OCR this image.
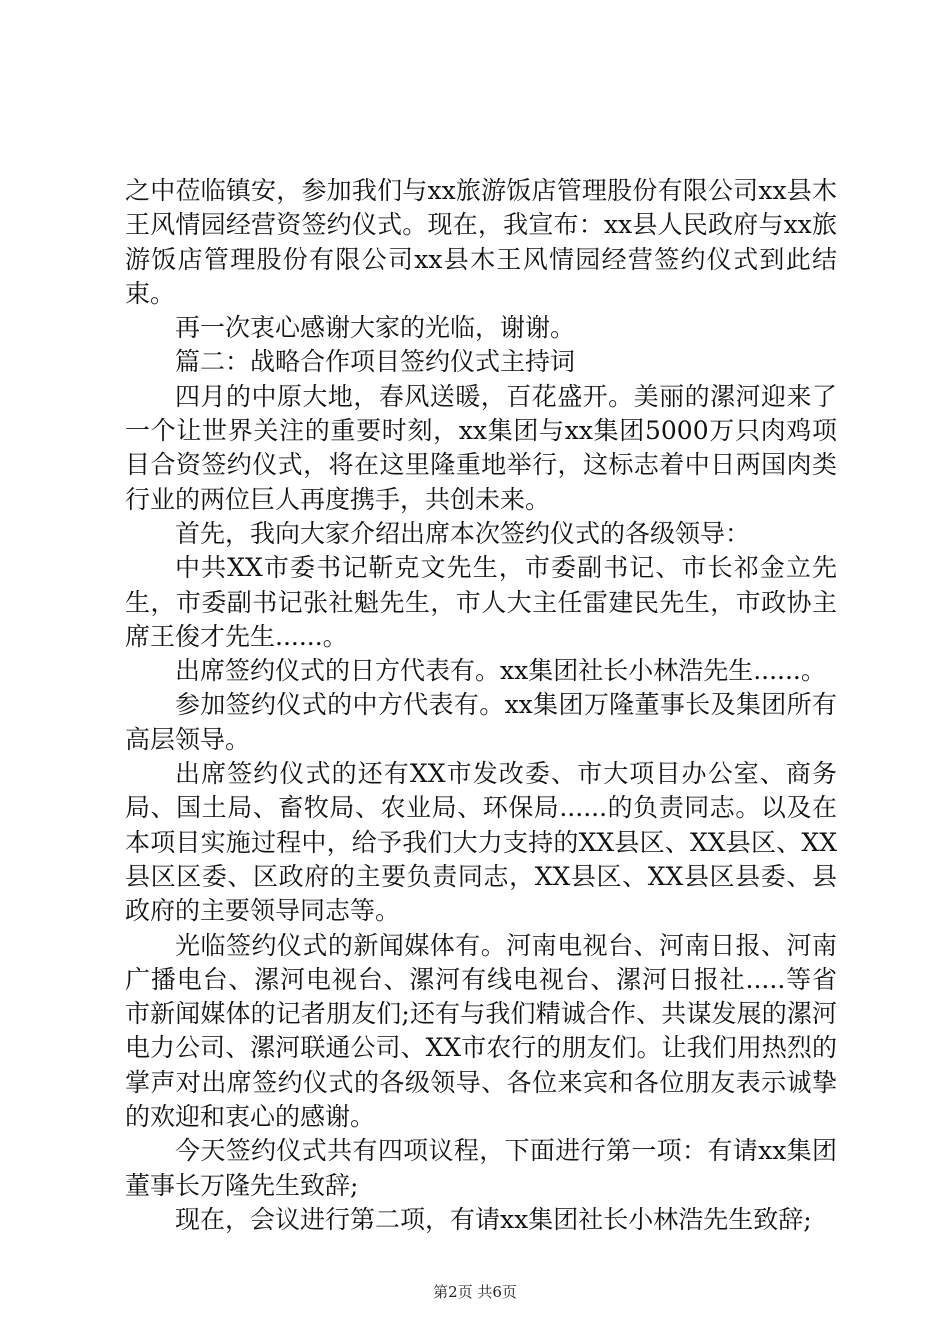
之中莅临镇安，参加我们与xx旅游饭店管理股份有限公司xx县木王风情园经营资签约仪式。现在，我宣布：xx县人民政府与xx旅游饭店管理股份有限公司xx县木王风情园经营签约仪式到此结束。

再一次衷心感谢大家的光临，谢谢。

篇二：战略合作项目签约仪式主持词

四月的中原大地，春风送暖，百花盛开。美丽的漯河迎来了一个让世界关注的重要时刻，xx集团与xx集团5000万只肉鸡项目合资签约仪式，将在这里隆重地举行，这标志着中日两国肉类行业的两位巨人再度携手，共创未来。

首先，我向大家介绍出席本次签约仪式的各级领导：

中共XX市委书记靳克文先生，市委副书记、市长祁金立先生，市委副书记张社魁先生，市人大主任雷建民先生，市政协主席王俊才先生......。

出席签约仪式的日方代表有。xx集团社长小林浩先生......。

参加签约仪式的中方代表有。xx集团万隆董事长及集团所有高层领导。

出席签约仪式的还有XX市发改委、市大项目办公室、商务局、国土局、畜牧局、农业局、环保局......的负责同志。以及在本项目实施过程中，给予我们大力支持的XX县区、XX县区、XX县区区委、区政府的主要负责同志，XX县区、XX县区县委、县政府的主要领导同志等。

光临签约仪式的新闻媒体有。河南电视台、河南日报、河南广播电台、漯河电视台、漯河有线电视台、漯河日报社.....等省市新闻媒体的记者朋友们;还有与我们精诚合作、共谋发展的漯河电力公司、漯河联通公司、XX市农行的朋友们。让我们用热烈的掌声对出席签约仪式的各级领导、各位来宾和各位朋友表示诚挚的欢迎和衷心的感谢。

今天签约仪式共有四项议程，下面进行第一项：有请xx集团董事长万隆先生致辞;

现在，会议进行第二项，有请xx集团社长小林浩先生致辞;

第2页 共6页
